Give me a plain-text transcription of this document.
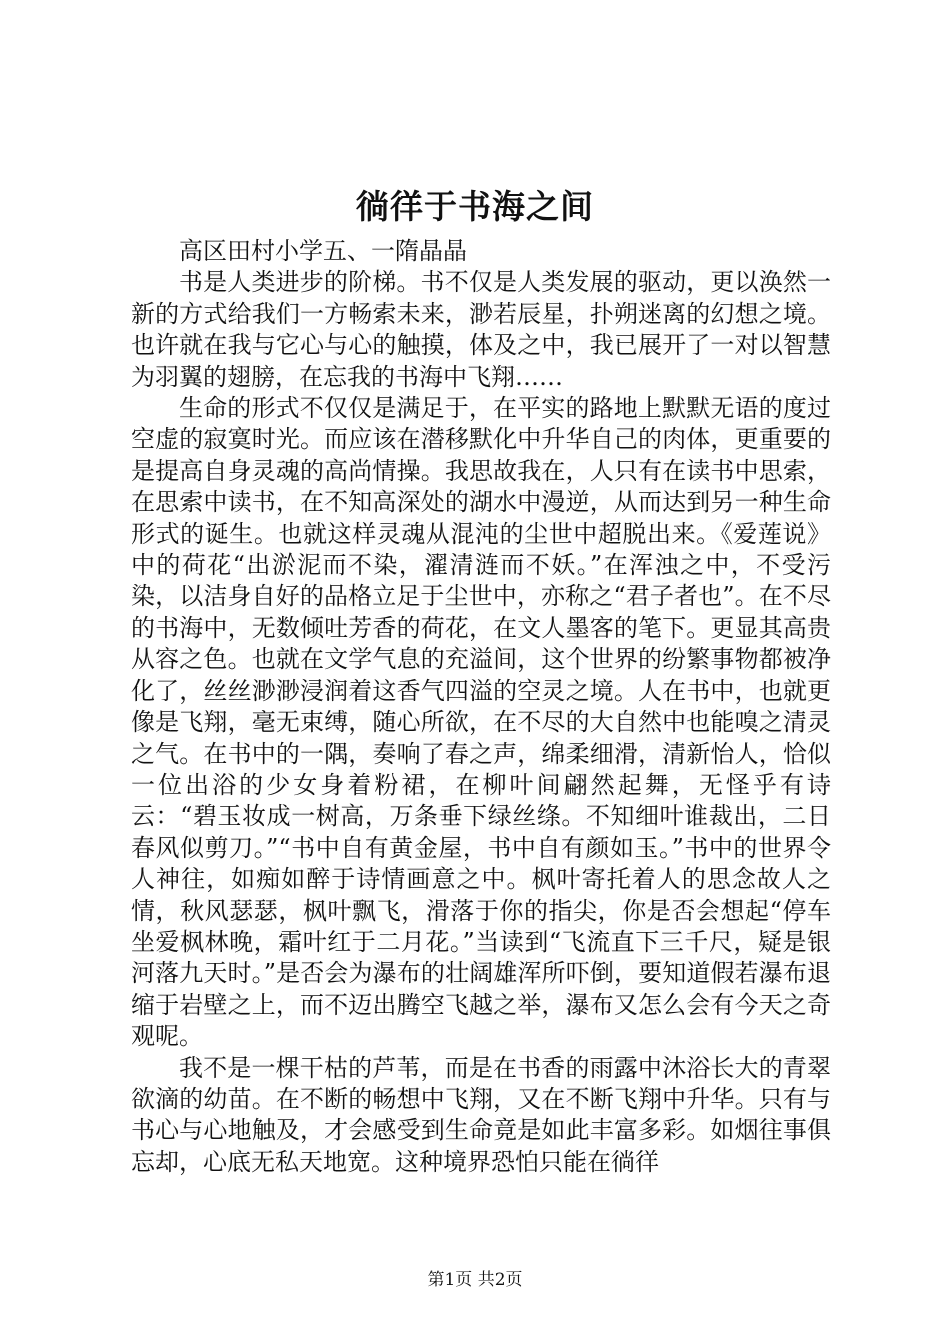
徜徉于书海之间

高区田村小学五、一隋晶晶

书是人类进步的阶梯。书不仅是人类发展的驱动，更以涣然一新的方式给我们一方畅索未来，渺若辰星，扑朔迷离的幻想之境。也许就在我与它心与心的触摸，体及之中，我已展开了一对以智慧为羽翼的翅膀，在忘我的书海中飞翔……

生命的形式不仅仅是满足于，在平实的路地上默默无语的度过空虚的寂寞时光。而应该在潜移默化中升华自己的肉体，更重要的是提高自身灵魂的高尚情操。我思故我在，人只有在读书中思索，在思索中读书，在不知高深处的湖水中漫逆，从而达到另一种生命形式的诞生。也就这样灵魂从混沌的尘世中超脱出来。《爱莲说》中的荷花“出淤泥而不染，濯清涟而不妖。”在浑浊之中，不受污染，以洁身自好的品格立足于尘世中，亦称之“君子者也”。在不尽的书海中，无数倾吐芳香的荷花，在文人墨客的笔下。更显其高贵从容之色。也就在文学气息的充溢间，这个世界的纷繁事物都被净化了，丝丝渺渺浸润着这香气四溢的空灵之境。人在书中，也就更像是飞翔，毫无束缚，随心所欲，在不尽的大自然中也能嗅之清灵之气。在书中的一隅，奏响了春之声，绵柔细滑，清新怡人，恰似一位出浴的少女身着粉裙，在柳叶间翩然起舞，无怪乎有诗云：“碧玉妆成一树高，万条垂下绿丝绦。不知细叶谁裁出，二日春风似剪刀。”“书中自有黄金屋，书中自有颜如玉。”书中的世界令人神往，如痴如醉于诗情画意之中。枫叶寄托着人的思念故人之情，秋风瑟瑟，枫叶飘飞，滑落于你的指尖，你是否会想起“停车坐爱枫林晚，霜叶红于二月花。”当读到“飞流直下三千尺，疑是银河落九天时。”是否会为瀑布的壮阔雄浑所吓倒，要知道假若瀑布退缩于岩壁之上，而不迈出腾空飞越之举，瀑布又怎么会有今天之奇观呢。

我不是一棵干枯的芦苇，而是在书香的雨露中沐浴长大的青翠欲滴的幼苗。在不断的畅想中飞翔，又在不断飞翔中升华。只有与书心与心地触及，才会感受到生命竟是如此丰富多彩。如烟往事俱忘却，心底无私天地宽。这种境界恐怕只能在徜徉

第1页 共2页
